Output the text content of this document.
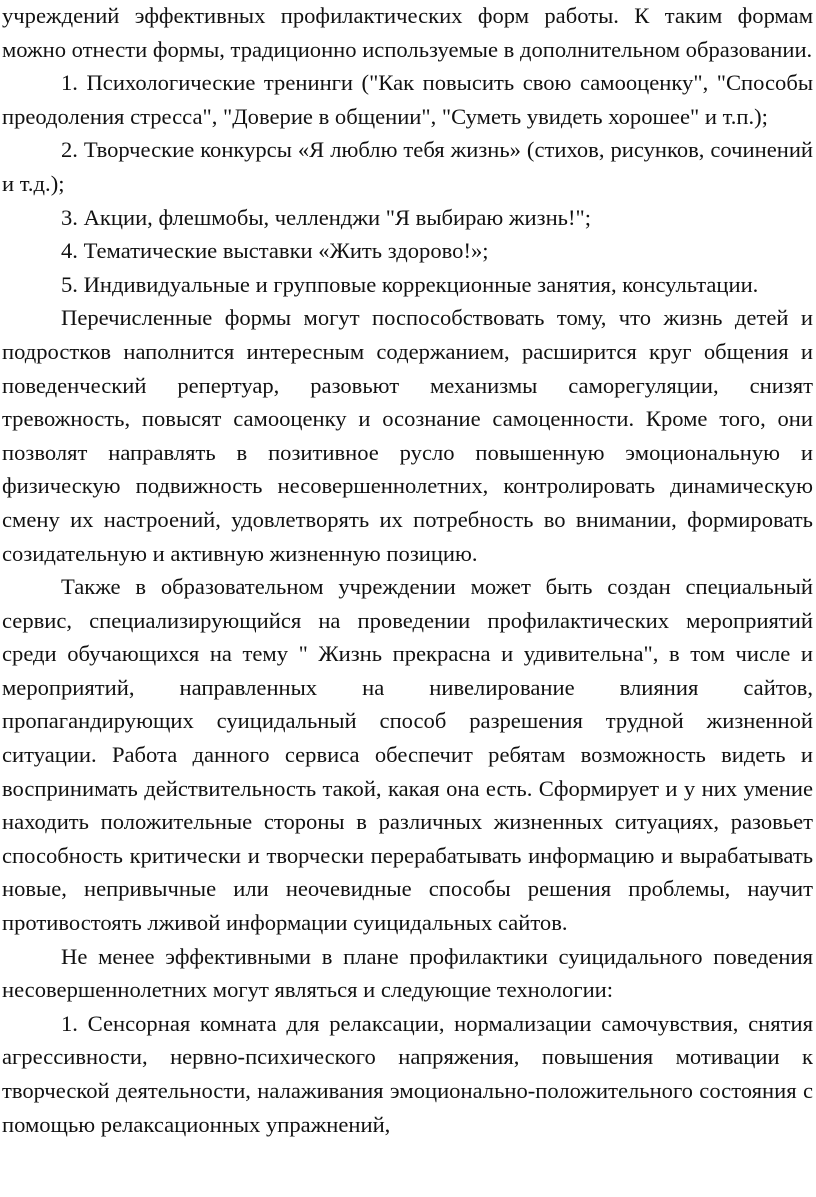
учреждений эффективных профилактических форм работы. К таким формам можно отнести формы, традиционно используемые в дополнительном образовании.

1. Психологические тренинги ("Как повысить свою самооценку", "Способы преодоления стресса", "Доверие в общении", "Суметь увидеть хорошее" и т.п.);

2. Творческие конкурсы «Я люблю тебя жизнь» (стихов, рисунков, сочинений и т.д.);

3. Акции, флешмобы, челленджи "Я выбираю жизнь!";

4. Тематические выставки «Жить здорово!»;

5. Индивидуальные и групповые коррекционные занятия, консультации.

Перечисленные формы могут поспособствовать тому, что жизнь детей и подростков наполнится интересным содержанием, расширится круг общения и поведенческий репертуар, разовьют механизмы саморегуляции, снизят тревожность, повысят самооценку и осознание самоценности. Кроме того, они позволят направлять в позитивное русло повышенную эмоциональную и физическую подвижность несовершеннолетних, контролировать динамическую смену их настроений, удовлетворять их потребность во внимании, формировать созидательную и активную жизненную позицию.

Также в образовательном учреждении может быть создан специальный сервис, специализирующийся на проведении профилактических мероприятий среди обучающихся на тему " Жизнь прекрасна и удивительна", в том числе и мероприятий, направленных на нивелирование влияния сайтов, пропагандирующих суицидальный способ разрешения трудной жизненной ситуации. Работа данного сервиса обеспечит ребятам возможность видеть и воспринимать действительность такой, какая она есть. Сформирует и у них умение находить положительные стороны в различных жизненных ситуациях, разовьет способность критически и творчески перерабатывать информацию и вырабатывать новые, непривычные или неочевидные способы решения проблемы, научит противостоять лживой информации суицидальных сайтов.

Не менее эффективными в плане профилактики суицидального поведения несовершеннолетних могут являться и следующие технологии:

1. Сенсорная комната для релаксации, нормализации самочувствия, снятия агрессивности, нервно-психического напряжения, повышения мотивации к творческой деятельности, налаживания эмоционально-положительного состояния с помощью релаксационных упражнений,
